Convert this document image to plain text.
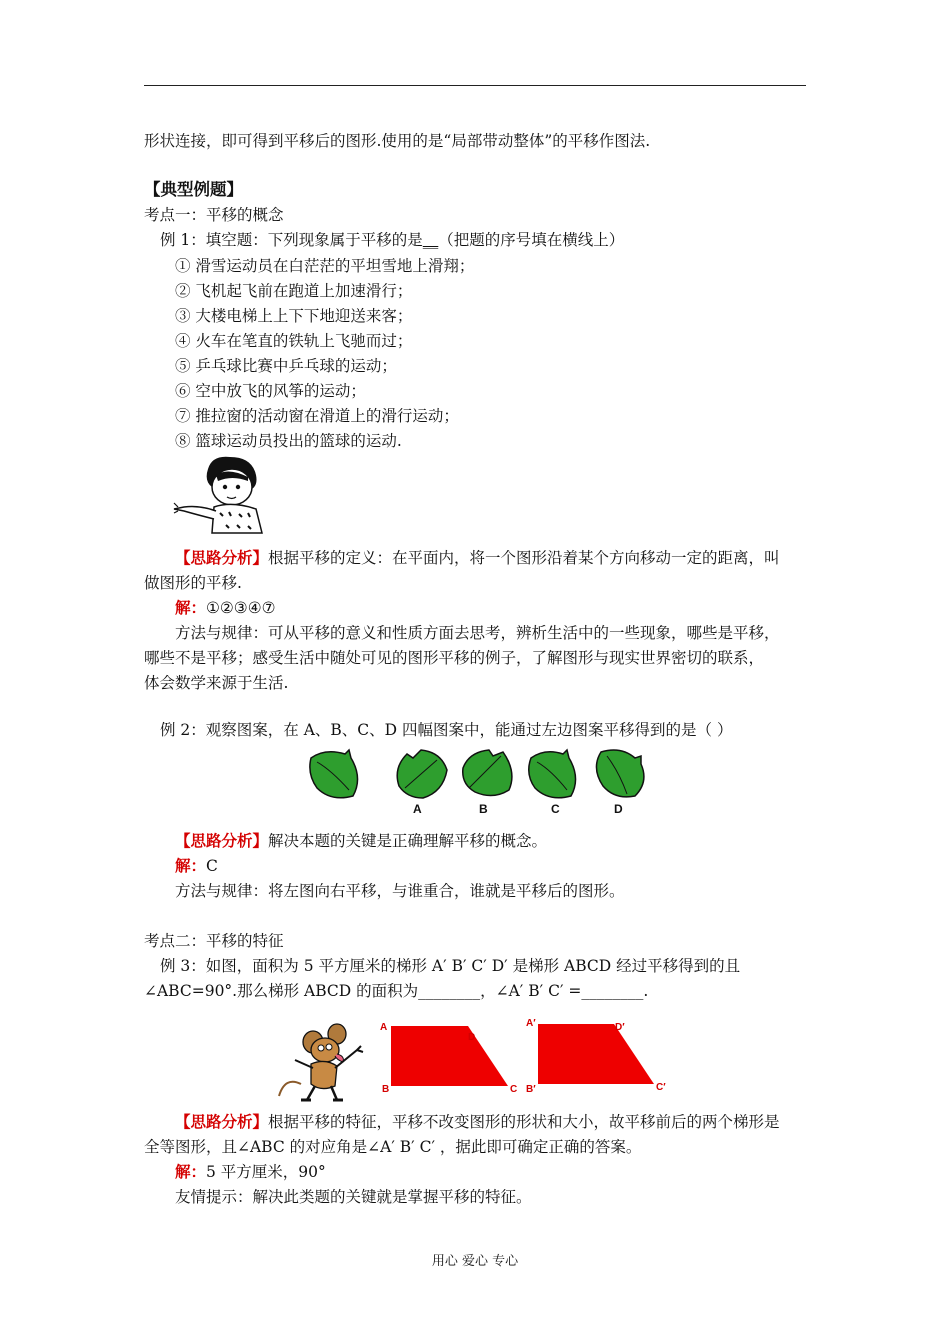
形状连接，即可得到平移后的图形.使用的是“局部带动整体”的平移作图法.
【典型例题】
考点一：平移的概念
例 1：填空题：下列现象属于平移的是__（把题的序号填在横线上）
① 滑雪运动员在白茫茫的平坦雪地上滑翔；
② 飞机起飞前在跑道上加速滑行；
③ 大楼电梯上上下下地迎送来客；
④ 火车在笔直的铁轨上飞驰而过；
⑤ 乒乓球比赛中乒乓球的运动；
⑥ 空中放飞的风筝的运动；
⑦ 推拉窗的活动窗在滑道上的滑行运动；
⑧ 篮球运动员投出的篮球的运动.
【思路分析】根据平移的定义：在平面内，将一个图形沿着某个方向移动一定的距离，叫
做图形的平移.
解：①②③④⑦
方法与规律：可从平移的意义和性质方面去思考，辨析生活中的一些现象，哪些是平移，
哪些不是平移；感受生活中随处可见的图形平移的例子，了解图形与现实世界密切的联系，
体会数学来源于生活.
例 2：观察图案，在 A、B、C、D 四幅图案中，能通过左边图案平移得到的是（ ）
A	B	C	D
【思路分析】解决本题的关键是正确理解平移的概念。
解：C
方法与规律：将左图向右平移，与谁重合，谁就是平移后的图形。
考点二：平移的特征
例 3：如图，面积为 5 平方厘米的梯形 A′ B′ C′ D′ 是梯形 ABCD 经过平移得到的且
∠ABC=90°.那么梯形 ABCD 的面积为________，∠A′ B′ C′ =________.
A
D
B	C
A′	D′
B′	C′
【思路分析】根据平移的特征，平移不改变图形的形状和大小，故平移前后的两个梯形是
全等图形，且∠ABC 的对应角是∠A′ B′ C′ ，据此即可确定正确的答案。
解：5 平方厘米，90°
友情提示：解决此类题的关键就是掌握平移的特征。
用心 爱心 专心
